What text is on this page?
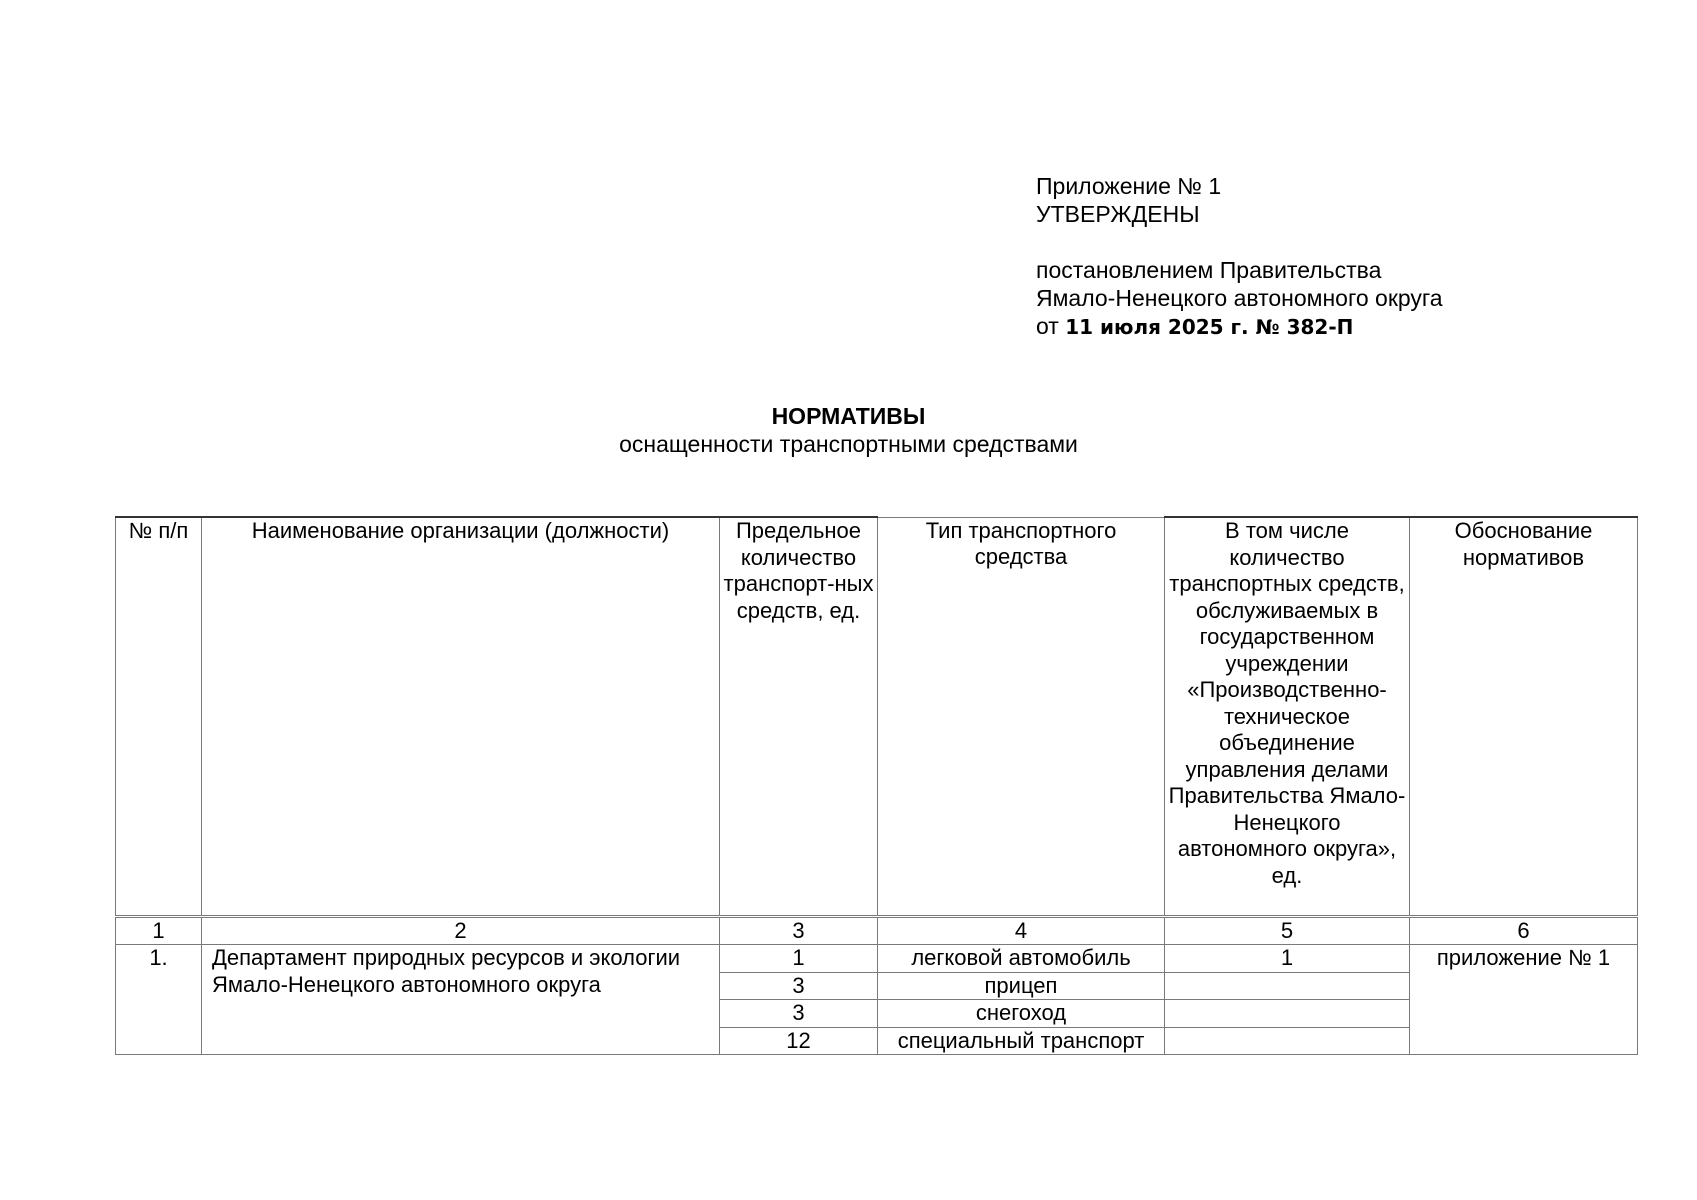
Приложение № 1
УТВЕРЖДЕНЫ
постановлением Правительства
Ямало-Ненецкого автономного округа
от 11 июля 2025 г. № 382-П
НОРМАТИВЫ
оснащенности транспортными средствами
№ п/п	Наименование организации (должности)	Предельное количество транспорт-ных средств, ед.	Тип транспортного средства	В том числе количество транспортных средств, обслуживаемых в государственном учреждении «Производственно-техническое объединение управления делами Правительства Ямало-Ненецкого автономного округа», ед.	Обоснование нормативов
1	2	3	4	5	6
1.	Департамент природных ресурсов и экологии Ямало-Ненецкого автономного округа	1	легковой автомобиль	1	приложение № 1
		3	прицеп		
		3	снегоход		
		12	специальный транспорт		
